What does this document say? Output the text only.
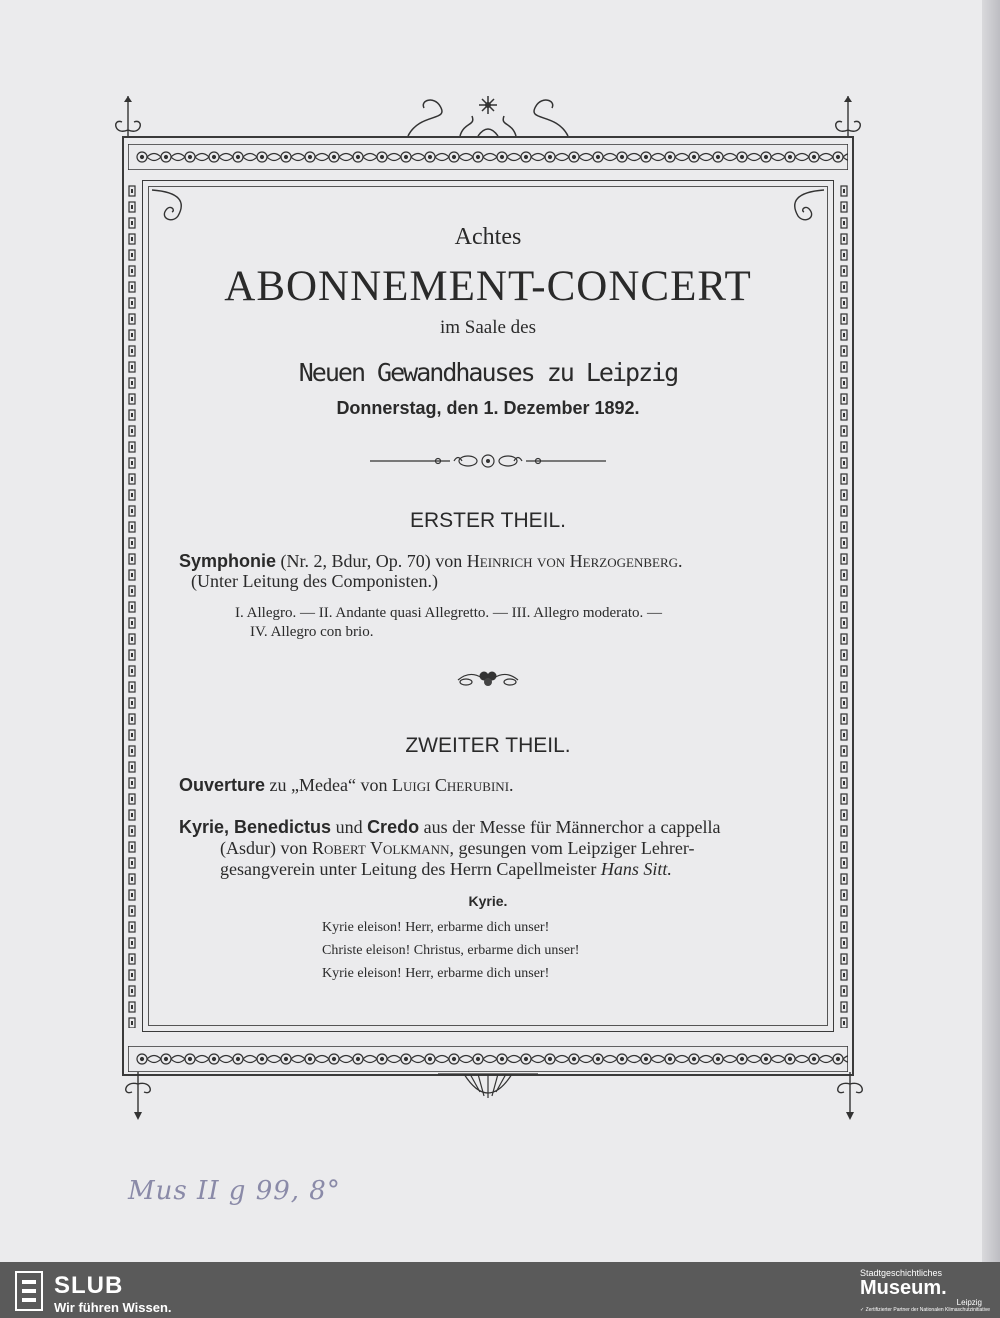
Achtes
ABONNEMENT-CONCERT
im Saale des
Neuen Gewandhauses zu Leipzig
Donnerstag, den 1. Dezember 1892.
ERSTER THEIL.
Symphonie (Nr. 2, Bdur, Op. 70) von Heinrich von Herzogenberg.
(Unter Leitung des Componisten.)
I. Allegro. — II. Andante quasi Allegretto. — III. Allegro moderato. —
IV. Allegro con brio.
ZWEITER THEIL.
Ouverture zu „Medea“ von Luigi Cherubini.
Kyrie, Benedictus und Credo aus der Messe für Männerchor a cappella
(Asdur) von Robert Volkmann, gesungen vom Leipziger Lehrer-
gesangverein unter Leitung des Herrn Capellmeister Hans Sitt.
Kyrie.
Kyrie eleison! Herr, erbarme dich unser!
Christe eleison! Christus, erbarme dich unser!
Kyrie eleison! Herr, erbarme dich unser!
Mus II g 99, 8°
SLUB
Wir führen Wissen.
Stadtgeschichtliches
Museum.
Leipzig
✓ Zertifizierter Partner der Nationalen Klimaschutzinitiative
